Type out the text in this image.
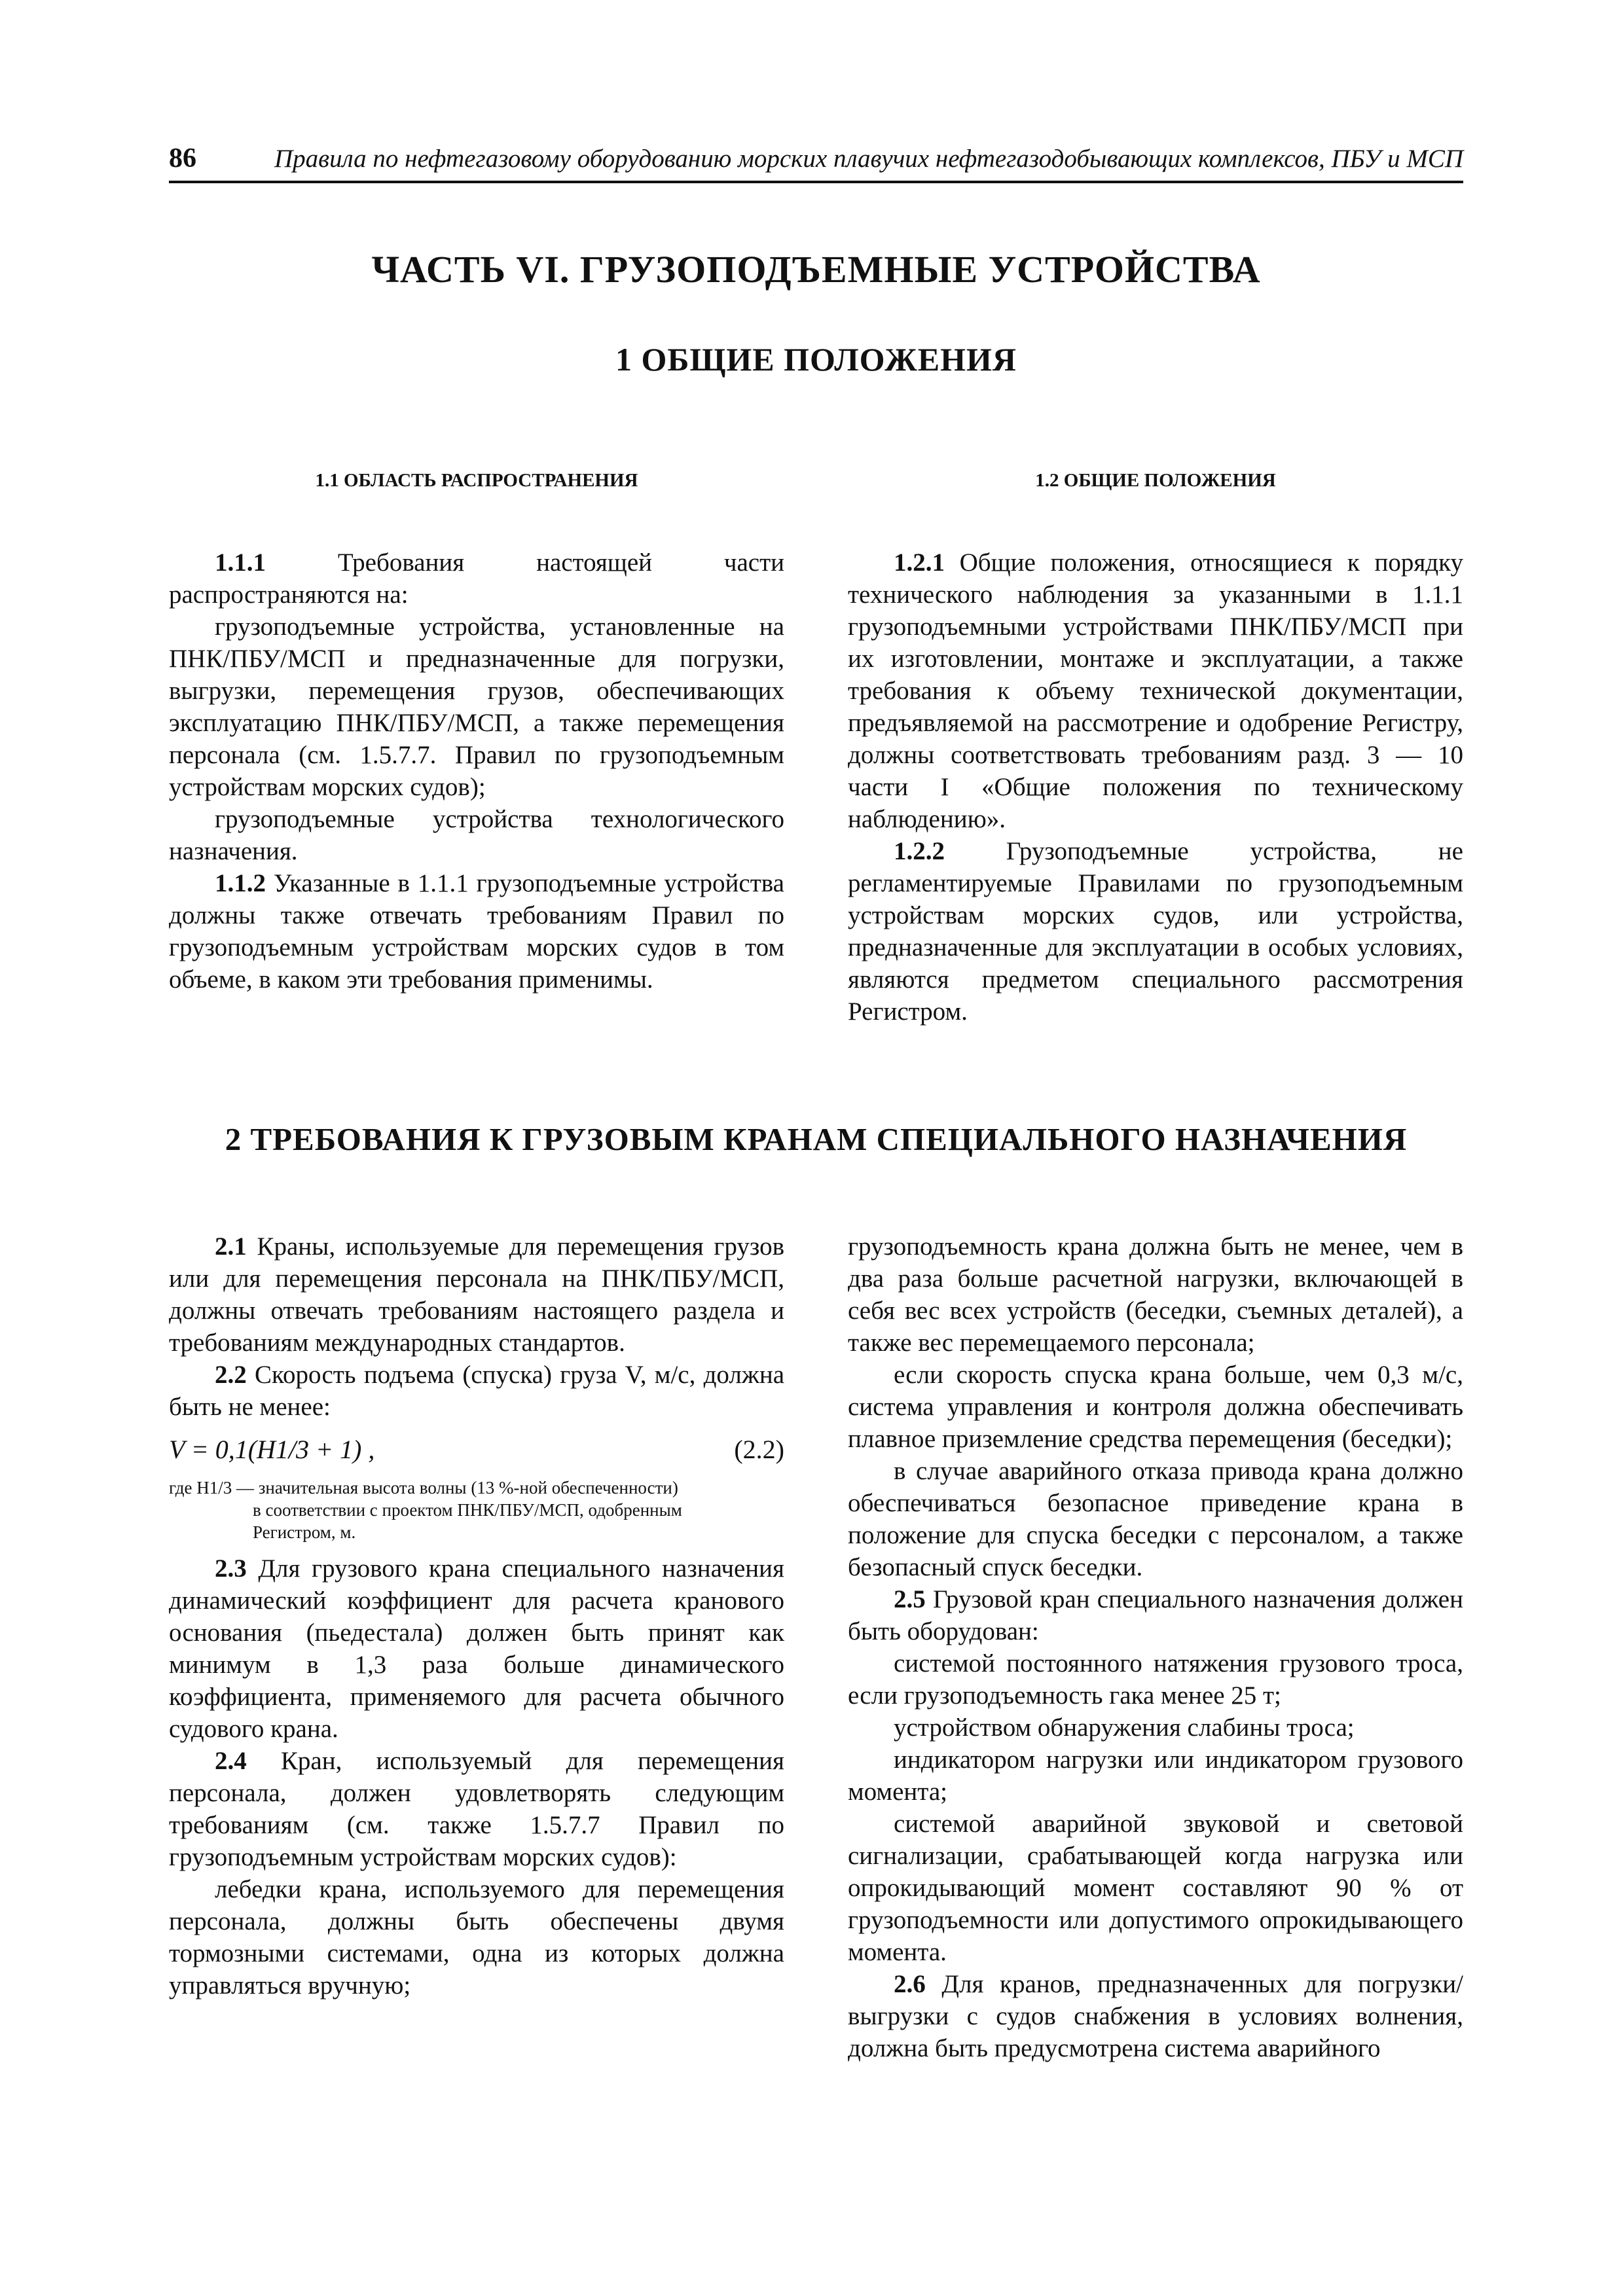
86	Правила по нефтегазовому оборудованию морских плавучих нефтегазодобывающих комплексов, ПБУ и МСП
ЧАСТЬ VI. ГРУЗОПОДЪЕМНЫЕ УСТРОЙСТВА
1 ОБЩИЕ ПОЛОЖЕНИЯ
1.1 ОБЛАСТЬ РАСПРОСТРАНЕНИЯ	1.2 ОБЩИЕ ПОЛОЖЕНИЯ

1.1.1 Требования настоящей части распространяются на:

грузоподъемные устройства, установленные на ПНК/ПБУ/МСП и предназначенные для погрузки, выгрузки, перемещения грузов, обеспечивающих эксплуатацию ПНК/ПБУ/МСП, а также перемещения персонала (см. 1.5.7.7. Правил по грузоподъемным устройствам морских судов);

грузоподъемные устройства технологического назначения.

1.1.2 Указанные в 1.1.1 грузоподъемные устройства должны также отвечать требованиям Правил по грузоподъемным устройствам морских судов в том объеме, в каком эти требования применимы.

1.2.1 Общие положения, относящиеся к порядку технического наблюдения за указанными в 1.1.1 грузоподъемными устройствами ПНК/ПБУ/МСП при их изготовлении, монтаже и эксплуатации, а также требования к объему технической документации, предъявляемой на рассмотрение и одобрение Регистру, должны соответствовать требованиям разд. 3 — 10 части I «Общие положения по техническому наблюдению».

1.2.2 Грузоподъемные устройства, не регламентируемые Правилами по грузоподъемным устройствам морских судов, или устройства, предназначенные для эксплуатации в особых условиях, являются предметом специального рассмотрения Регистром.

2 ТРЕБОВАНИЯ К ГРУЗОВЫМ КРАНАМ СПЕЦИАЛЬНОГО НАЗНАЧЕНИЯ

2.1 Краны, используемые для перемещения грузов или для перемещения персонала на ПНК/ПБУ/МСП, должны отвечать требованиям настоящего раздела и требованиям международных стандартов.

2.2 Скорость подъема (спуска) груза V, м/с, должна быть не менее:

V = 0,1(H1/3 + 1) ,	(2.2)
где H1/3 — значительная высота волны (13 %-ной обеспеченности)
в соответствии с проектом ПНК/ПБУ/МСП, одобренным
Регистром, м.

2.3 Для грузового крана специального назначения динамический коэффициент для расчета кранового основания (пьедестала) должен быть принят как минимум в 1,3 раза больше динамического коэффициента, применяемого для расчета обычного судового крана.

2.4 Кран, используемый для перемещения персонала, должен удовлетворять следующим требованиям (см. также 1.5.7.7 Правил по грузоподъемным устройствам морских судов):

лебедки крана, используемого для перемещения персонала, должны быть обеспечены двумя тормозными системами, одна из которых должна управляться вручную;

грузоподъемность крана должна быть не менее, чем в два раза больше расчетной нагрузки, включающей в себя вес всех устройств (беседки, съемных деталей), а также вес перемещаемого персонала;

если скорость спуска крана больше, чем 0,3 м/с, система управления и контроля должна обеспечивать плавное приземление средства перемещения (беседки);

в случае аварийного отказа привода крана должно обеспечиваться безопасное приведение крана в положение для спуска беседки с персоналом, а также безопасный спуск беседки.

2.5 Грузовой кран специального назначения должен быть оборудован:

системой постоянного натяжения грузового троса, если грузоподъемность гака менее 25 т;

устройством обнаружения слабины троса;

индикатором нагрузки или индикатором грузового момента;

системой аварийной звуковой и световой сигнализации, срабатывающей когда нагрузка или опрокидывающий момент составляют 90 % от грузоподъемности или допустимого опрокидывающего момента.

2.6 Для кранов, предназначенных для погрузки/выгрузки с судов снабжения в условиях волнения, должна быть предусмотрена система аварийного
